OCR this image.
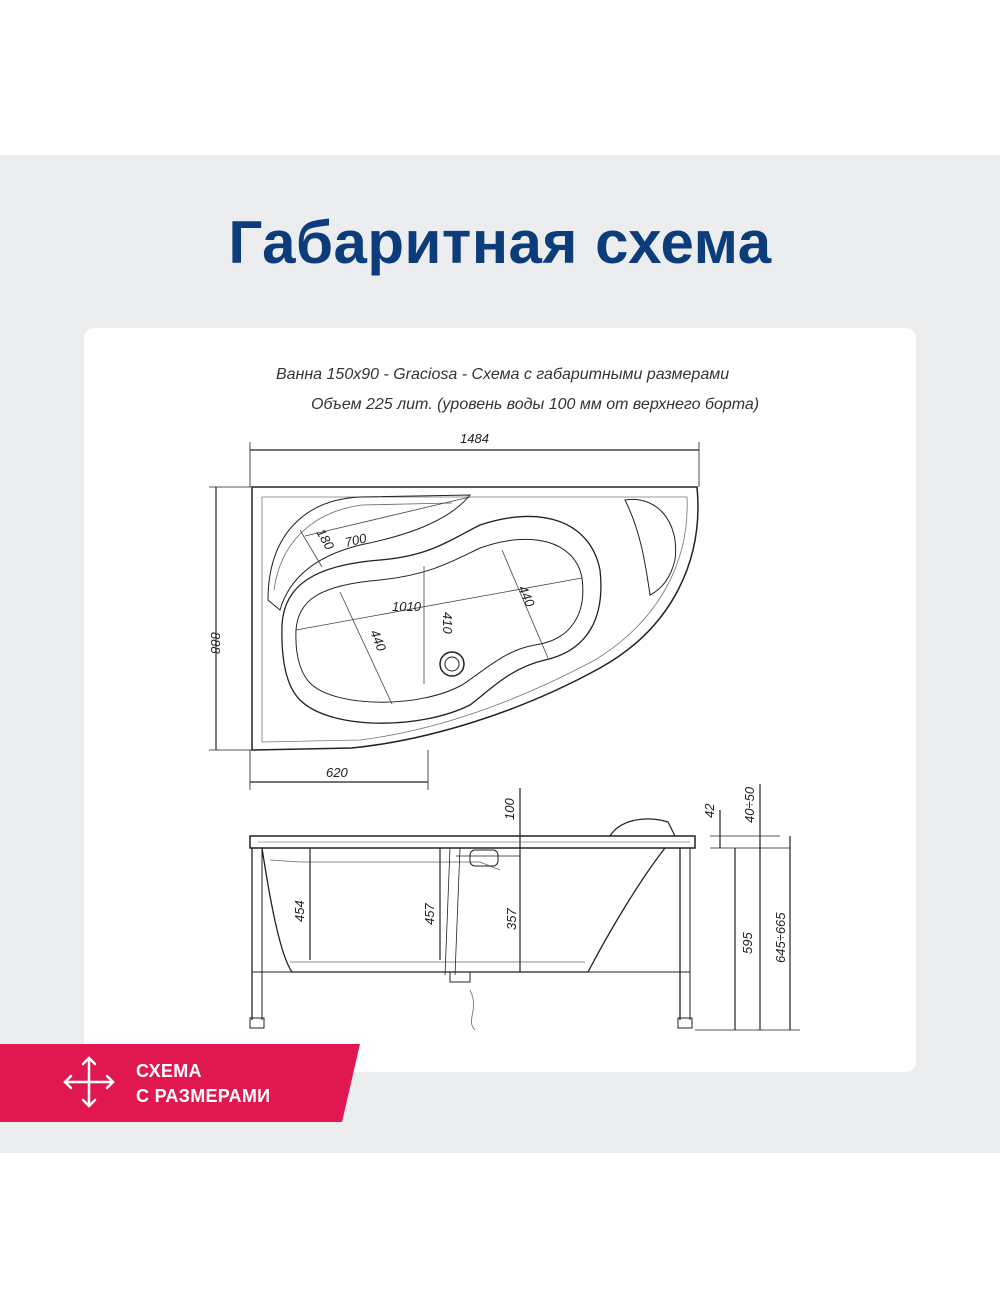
Габаритная схема
Ванна 150х90 - Graciosa - Схема с габаритными размерами
Объем 225 лит. (уровень воды 100 мм от верхнего борта)
1484
888
620
1010
440
440
410
700
180
100
454	457	357
42 40÷50
595 645÷665
СХЕМА
С РАЗМЕРАМИ
